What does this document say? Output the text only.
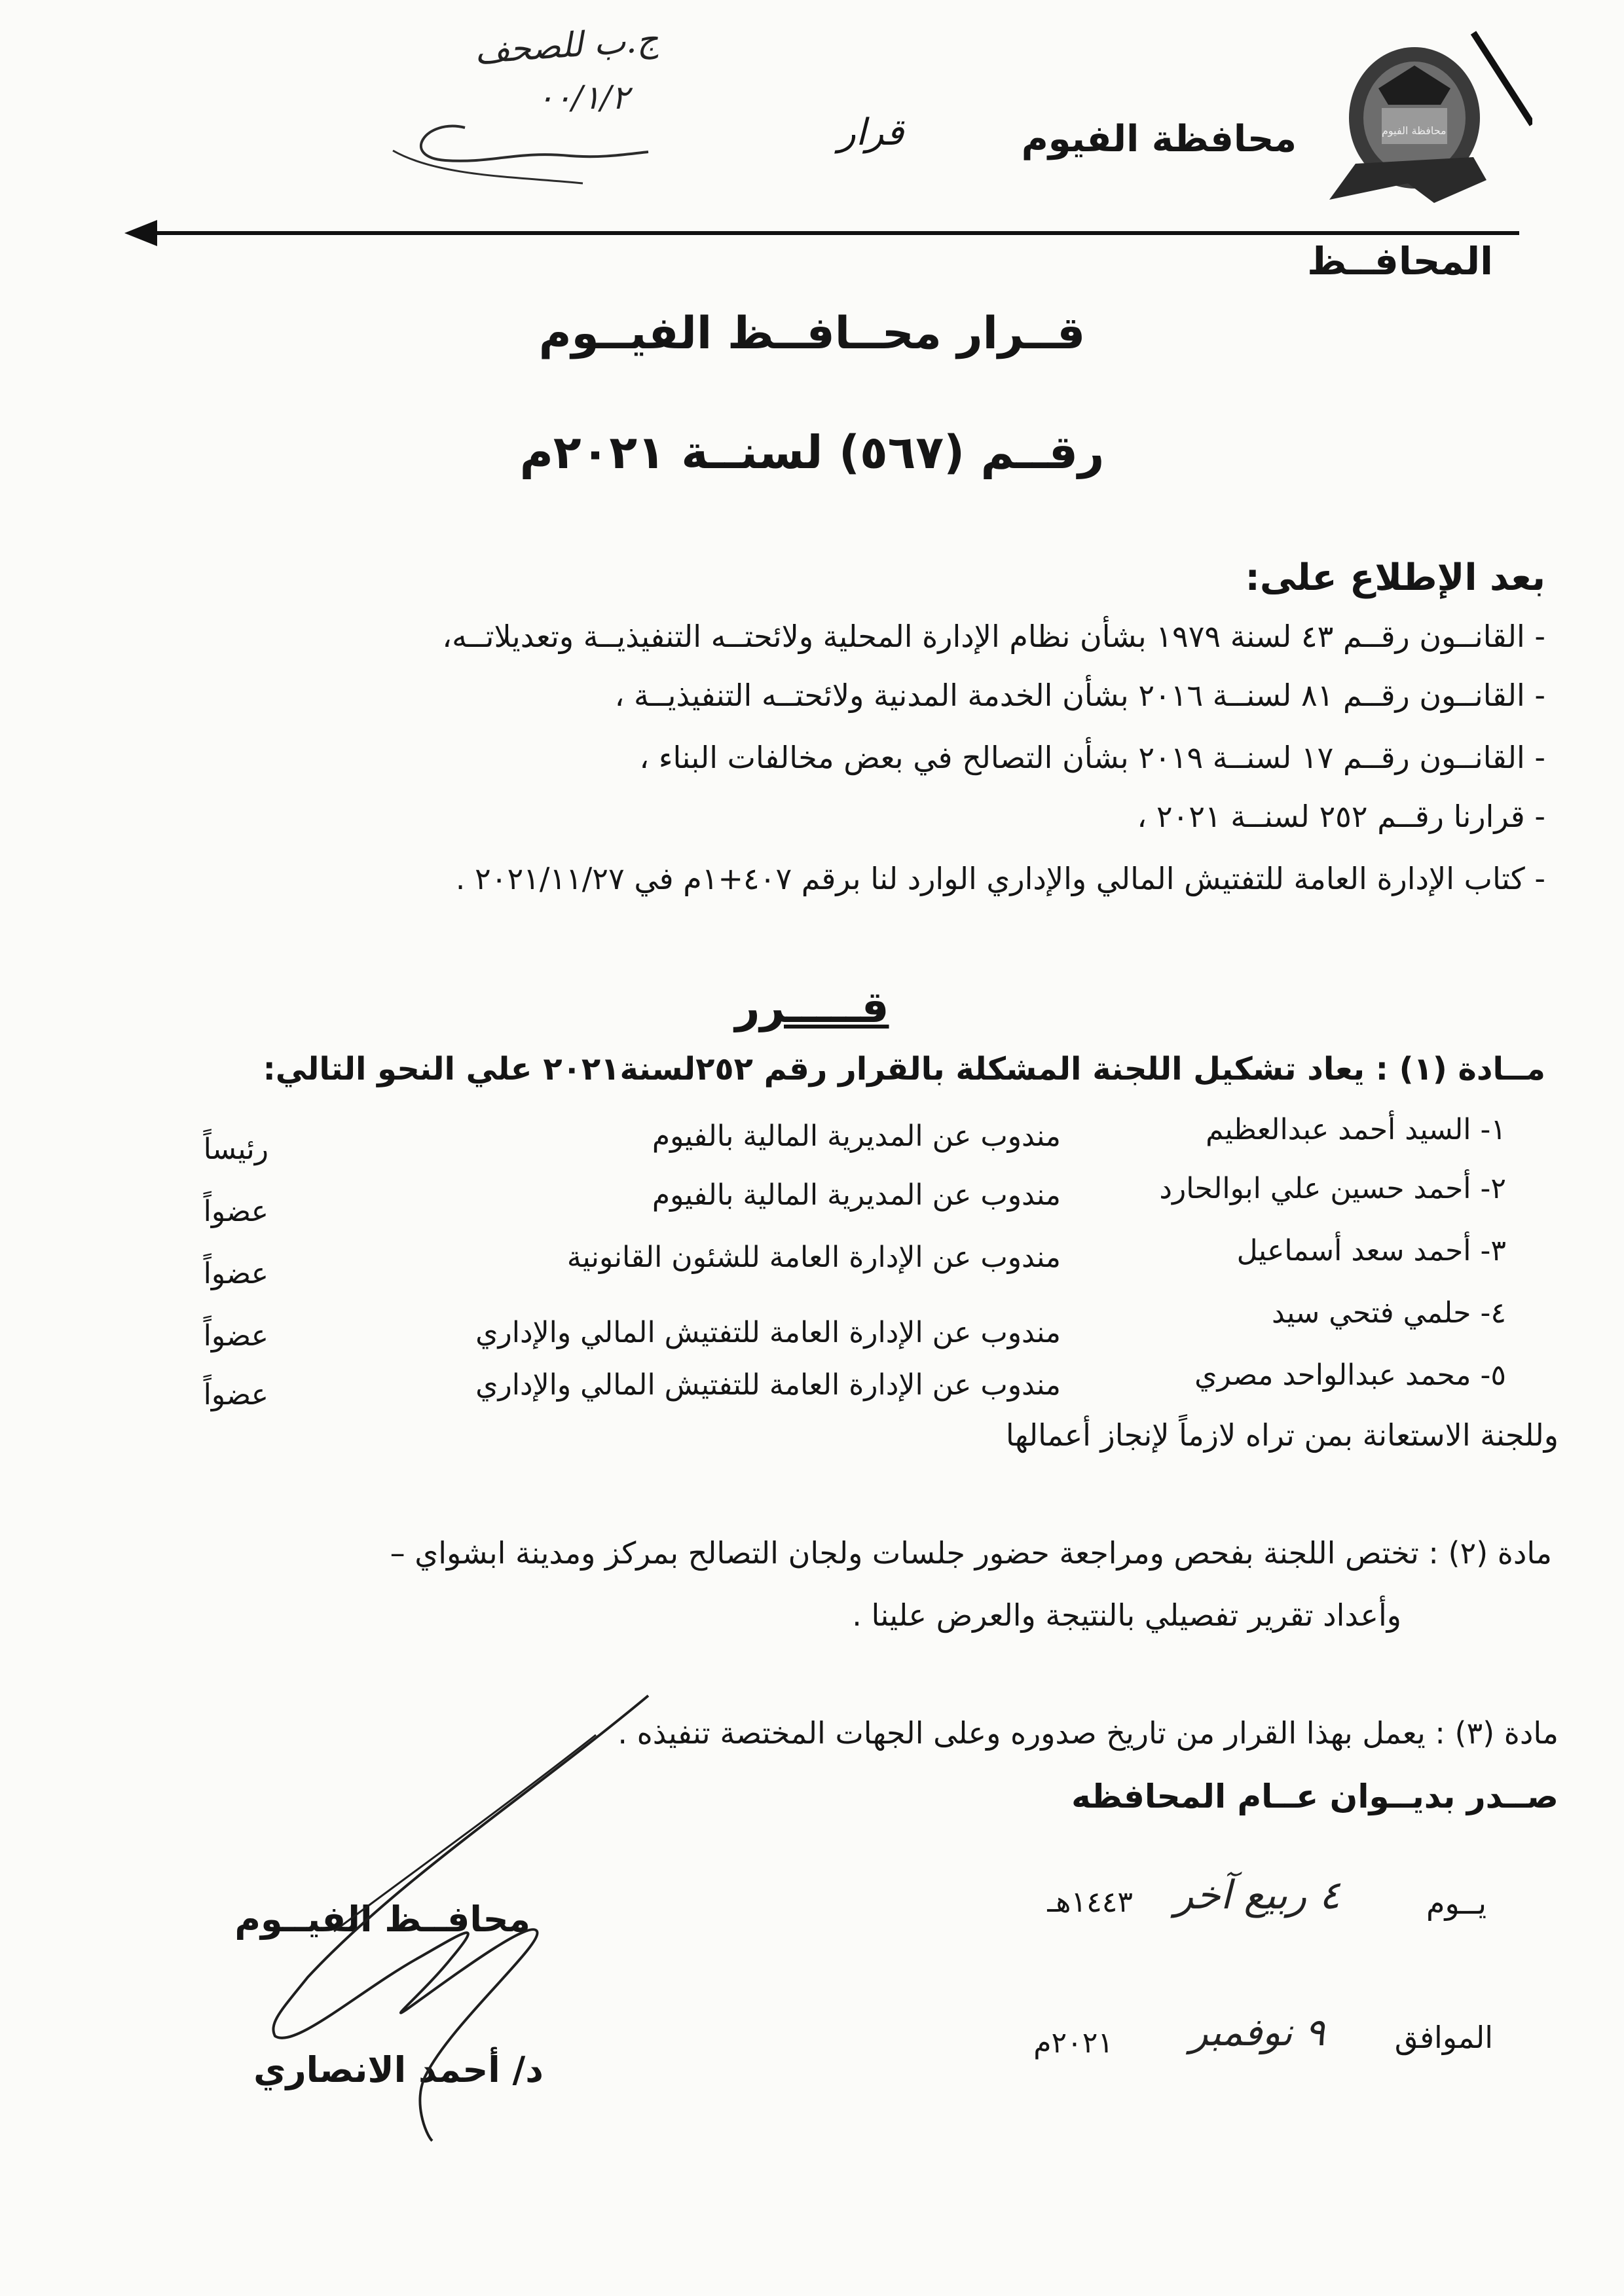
محافظة الفيوم
ج.ب للصحف
٠٠/١/٢
قرار	محافظة الفيوم
المحافــظ
قــرار محــافــظ الفيــوم
رقــم (٥٦٧) لسنــة ٢٠٢١م
بعد الإطلاع على:
- القانــون رقــم ٤٣ لسنة ١٩٧٩ بشأن نظام الإدارة المحلية ولائحتــه التنفيذيــة وتعديلاتــه،
- القانــون رقــم ٨١ لسنــة ٢٠١٦ بشأن الخدمة المدنية ولائحتــه التنفيذيــة ،
- القانــون رقــم ١٧ لسنــة ٢٠١٩ بشأن التصالح في بعض مخالفات البناء ،
- قرارنا رقــم ٢٥٢ لسنــة ٢٠٢١ ،
- كتاب الإدارة العامة للتفتيش المالي والإداري الوارد لنا برقم ٤٠٧+١م في ٢٠٢١/١١/٢٧ .
قـــــرر
مــادة (١) : يعاد تشكيل اللجنة المشكلة بالقرار رقم ٢٥٢لسنة٢٠٢١ علي النحو التالي:
١- السيد أحمد عبدالعظيم
مندوب عن المديرية المالية بالفيوم
رئيساً
٢- أحمد حسين علي ابوالحارد
مندوب عن المديرية المالية بالفيوم
عضواً
٣- أحمد سعد أسماعيل
مندوب عن الإدارة العامة للشئون القانونية
عضواً
٤- حلمي فتحي سيد
مندوب عن الإدارة العامة للتفتيش المالي والإداري
عضواً
٥- محمد عبدالواحد مصري
مندوب عن الإدارة العامة للتفتيش المالي والإداري
عضواً
وللجنة الاستعانة بمن تراه لازماً لإنجاز أعمالها
مادة (٢) : تختص اللجنة بفحص ومراجعة حضور جلسات ولجان التصالح بمركز ومدينة ابشواي –
وأعداد تقرير تفصيلي بالنتيجة والعرض علينا .
مادة (٣) : يعمل بهذا القرار من تاريخ صدوره وعلى الجهات المختصة تنفيذه .
صــدر بديــوان عــام المحافظه
يــوم
٤ ربيع آخر
١٤٤٣هـ
الموافق
٩ نوفمبر
٢٠٢١م
محافــظ الفيــوم
د/ أحمد الانصاري
